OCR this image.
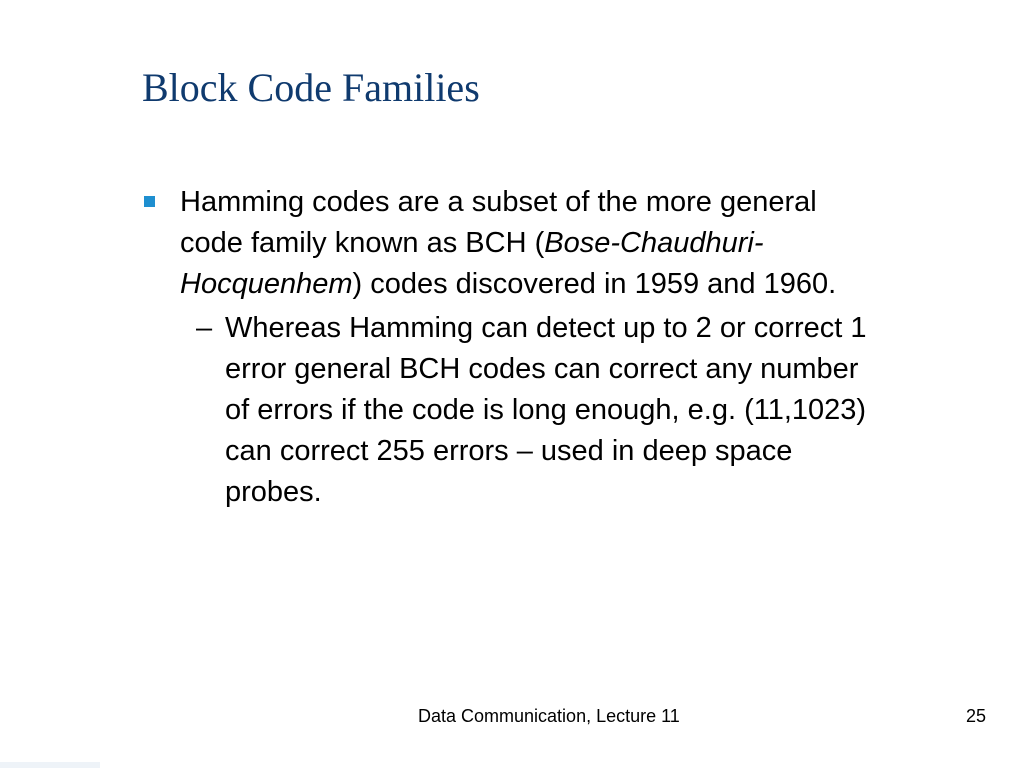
Block Code Families
Hamming codes are a subset of the more general
code family known as BCH (Bose-Chaudhuri-
Hocquenhem) codes discovered in 1959 and 1960.
– Whereas Hamming can detect up to 2 or correct 1
error general BCH codes can correct any number
of errors if the code is long enough, e.g. (11,1023)
can correct 255 errors – used in deep space
probes.
Data Communication, Lecture 11	25
